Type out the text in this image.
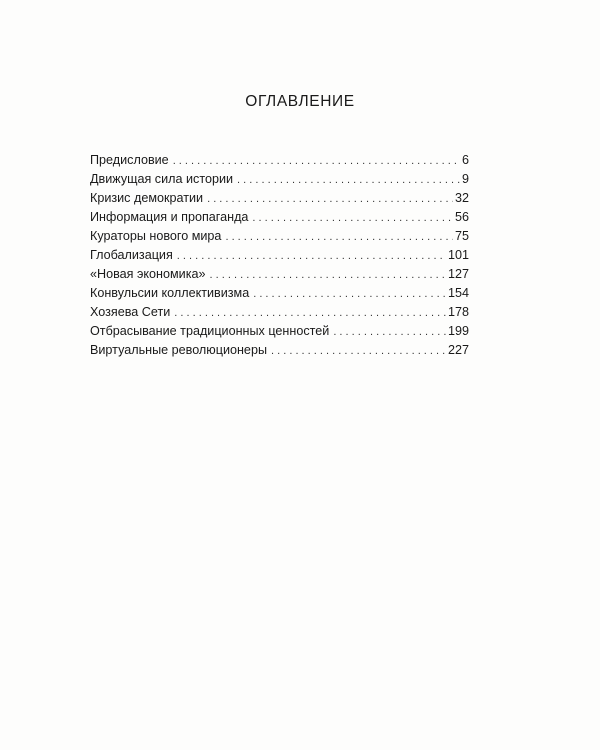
ОГЛАВЛЕНИЕ
Предисловие . . .	6
Движущая сила истории . . .	9
Кризис демократии . . .	32
Информация и пропаганда . . .	56
Кураторы нового мира . . .	75
Глобализация . . .	101
«Новая экономика» . . .	127
Конвульсии коллективизма . . .	154
Хозяева Сети . . .	178
Отбрасывание традиционных ценностей . . .	199
Виртуальные революционеры . . .	227
